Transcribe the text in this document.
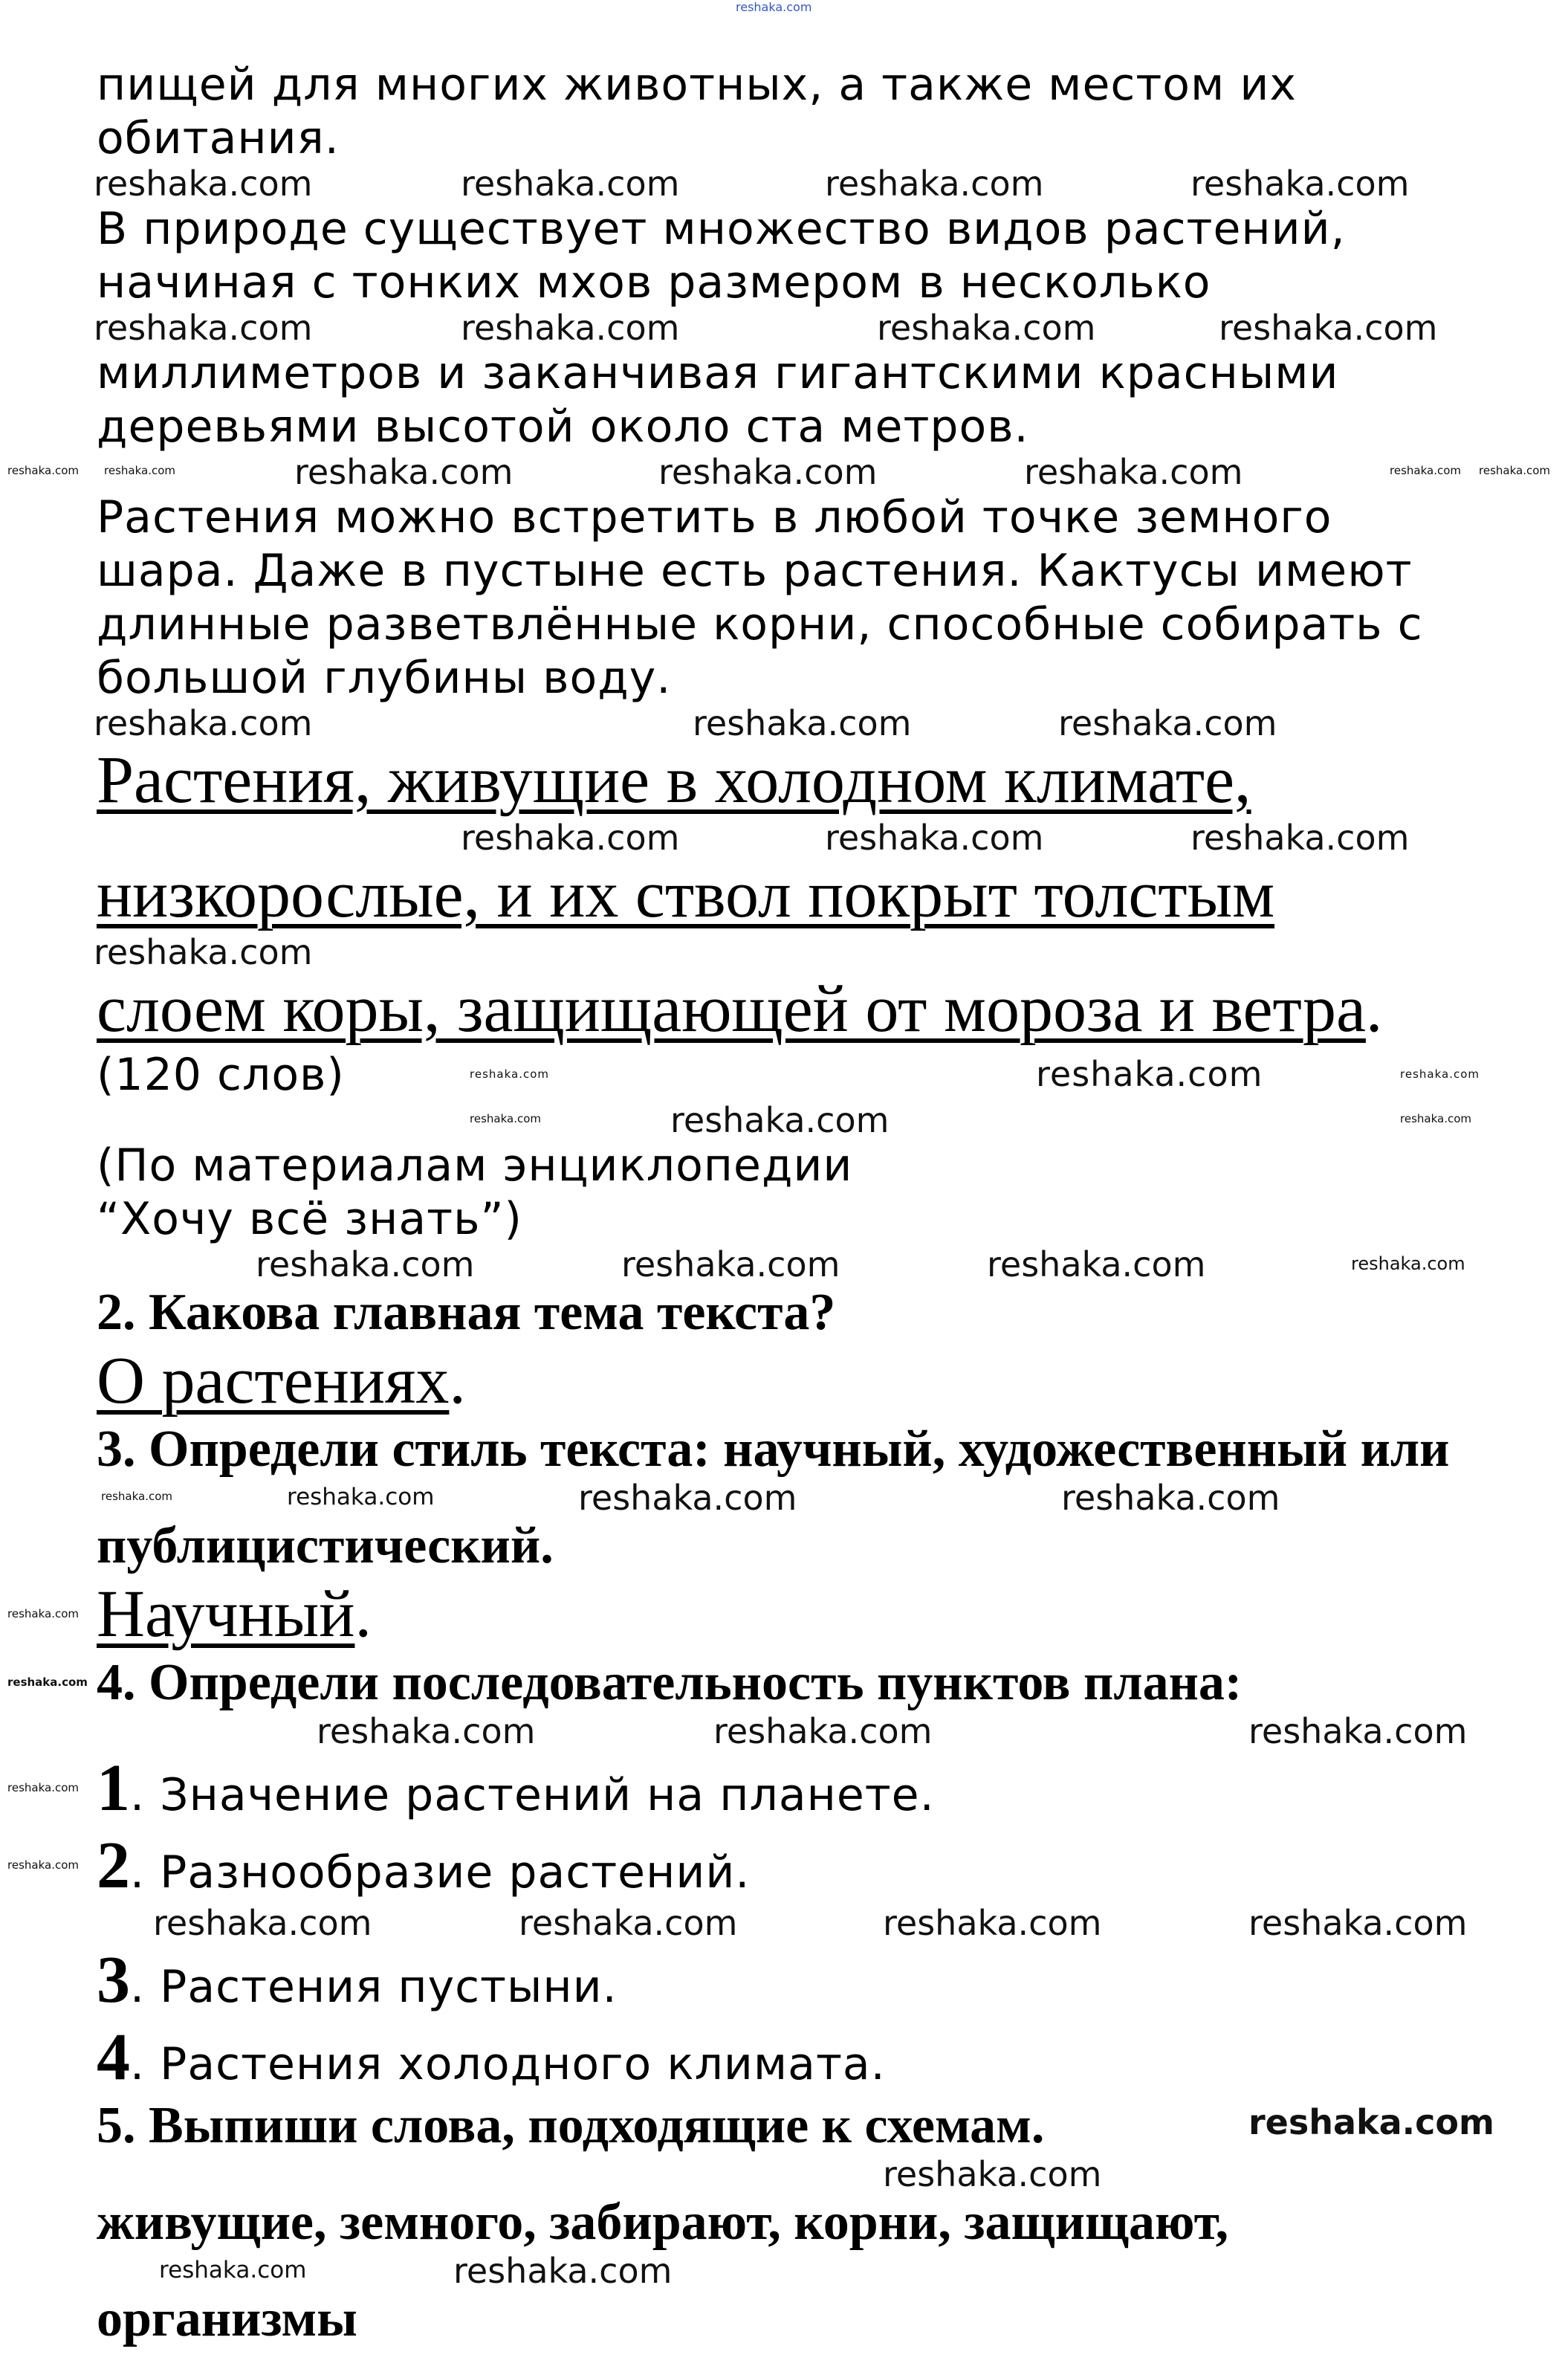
reshaka.com
пищей для многих животных, а также местом их
обитания.
reshaka.com	reshaka.com	reshaka.com	reshaka.com
В природе существует множество видов растений,
начиная с тонких мхов размером в несколько
reshaka.com	reshaka.com	reshaka.com	reshaka.com
миллиметров и заканчивая гигантскими красными
деревьями высотой около ста метров.
reshaka.com reshaka.com	reshaka.com	reshaka.com	reshaka.com	reshaka.com reshaka.com
Растения можно встретить в любой точке земного
шара. Даже в пустыне есть растения. Кактусы имеют
длинные разветвлённые корни, способные собирать с
большой глубины воду.
reshaka.com	reshaka.com	reshaka.com
Растения, живущие в холодном климате,
reshaka.com	reshaka.com	reshaka.com
низкорослые, и их ствол покрыт толстым
reshaka.com
слоем коры, защищающей от мороза и ветра.
(120 слов)	reshaka.com	reshaka.com	reshaka.com
reshaka.com	reshaka.com	reshaka.com
(По материалам энциклопедии
“Хочу всё знать”)
reshaka.com	reshaka.com	reshaka.com	reshaka.com
2. Какова главная тема текста?
О растениях.
3. Определи стиль текста: научный, художественный или
reshaka.com	reshaka.com	reshaka.com	reshaka.com
публицистический.
reshaka.com Научный.
reshaka.com 4. Определи последовательность пунктов плана:
reshaka.com	reshaka.com	reshaka.com
reshaka.com 1. Значение растений на планете.
reshaka.com 2. Разнообразие растений.
reshaka.com	reshaka.com	reshaka.com	reshaka.com
3. Растения пустыни.
4. Растения холодного климата.
5. Выпиши слова, подходящие к схемам.	reshaka.com
reshaka.com
живущие, земного, забирают, корни, защищают,
reshaka.com	reshaka.com
организмы
